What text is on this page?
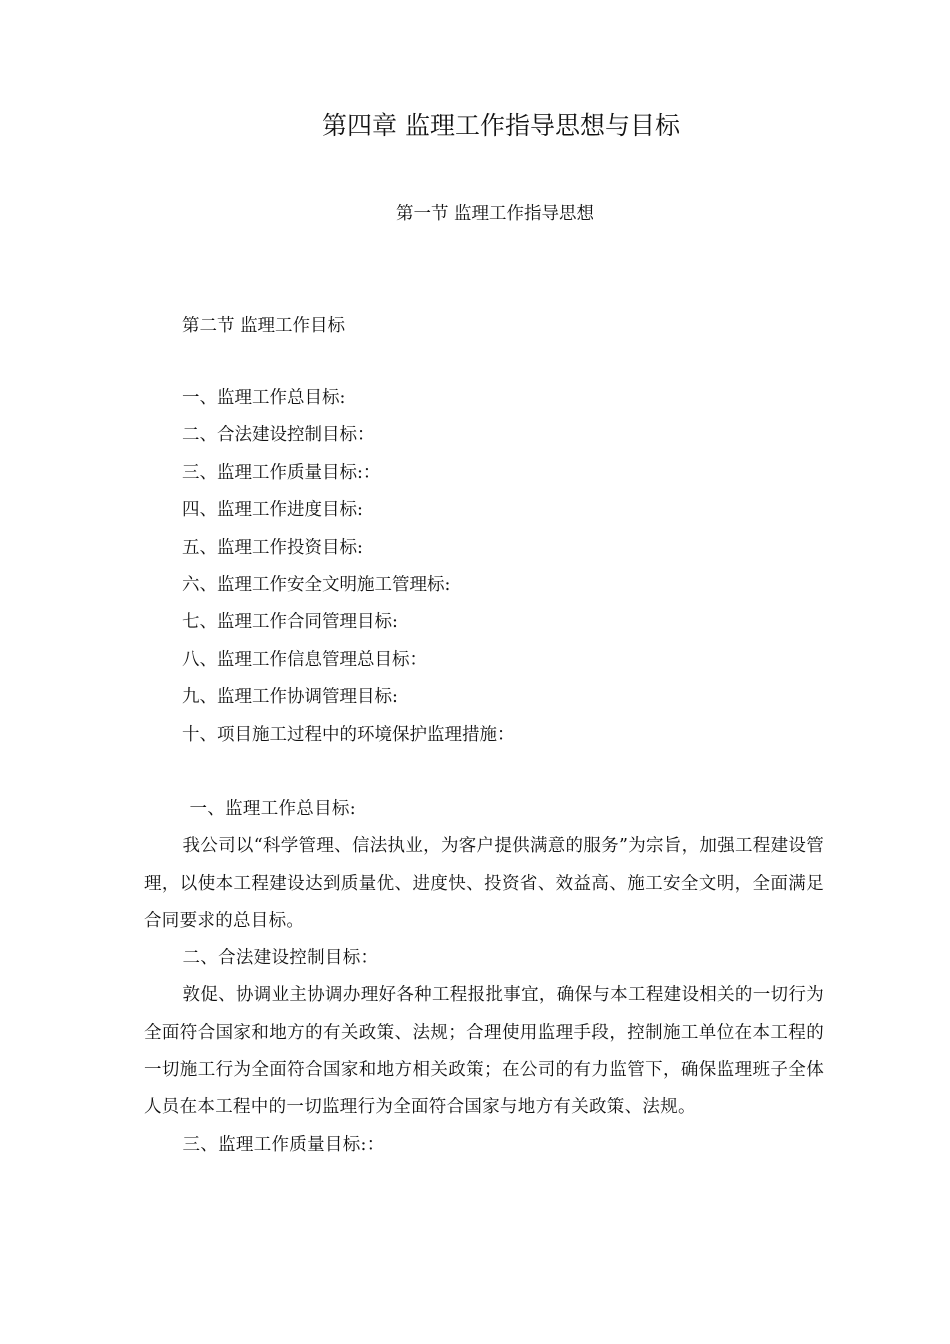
第四章 监理工作指导思想与目标
第一节 监理工作指导思想
第二节 监理工作目标
一、监理工作总目标:
二、合法建设控制目标：
三、监理工作质量目标:：
四、监理工作进度目标:
五、监理工作投资目标:
六、监理工作安全文明施工管理标:
七、监理工作合同管理目标:
八、监理工作信息管理总目标：
九、监理工作协调管理目标:
十、项目施工过程中的环境保护监理措施：

一、监理工作总目标:

我公司以“科学管理、信法执业，为客户提供满意的服务”为宗旨，加强工程建设管理，以使本工程建设达到质量优、进度快、投资省、效益高、施工安全文明，全面满足合同要求的总目标。

二、合法建设控制目标：

敦促、协调业主协调办理好各种工程报批事宜，确保与本工程建设相关的一切行为全面符合国家和地方的有关政策、法规；合理使用监理手段，控制施工单位在本工程的一切施工行为全面符合国家和地方相关政策；在公司的有力监管下，确保监理班子全体人员在本工程中的一切监理行为全面符合国家与地方有关政策、法规。

三、监理工作质量目标:：
